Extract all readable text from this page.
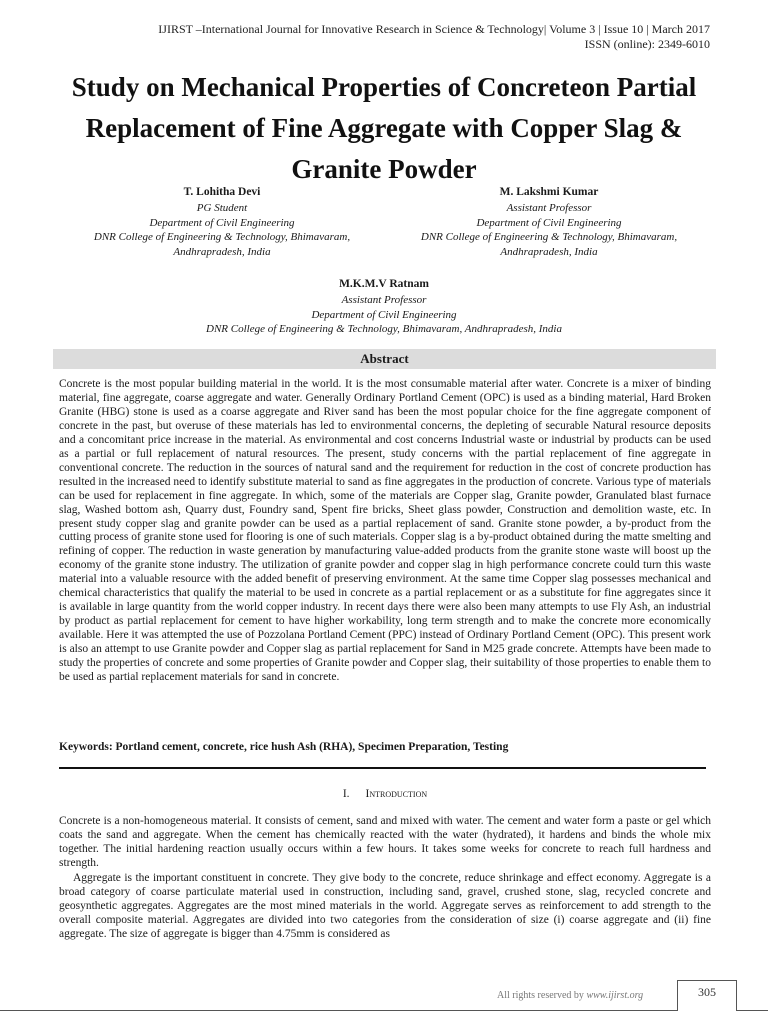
IJIRST –International Journal for Innovative Research in Science & Technology| Volume 3 | Issue 10 | March 2017
ISSN (online): 2349-6010
Study on Mechanical Properties of Concreteon Partial Replacement of Fine Aggregate with Copper Slag & Granite Powder
T. Lohitha Devi
PG Student
Department of Civil Engineering
DNR College of Engineering & Technology, Bhimavaram,
Andhrapradesh, India
M. Lakshmi Kumar
Assistant Professor
Department of Civil Engineering
DNR College of Engineering & Technology, Bhimavaram,
Andhrapradesh, India
M.K.M.V Ratnam
Assistant Professor
Department of Civil Engineering
DNR College of Engineering & Technology, Bhimavaram, Andhrapradesh, India
Abstract

Concrete is the most popular building material in the world. It is the most consumable material after water. Concrete is a mixer of binding material, fine aggregate, coarse aggregate and water. Generally Ordinary Portland Cement (OPC) is used as a binding material, Hard Broken Granite (HBG) stone is used as a coarse aggregate and River sand has been the most popular choice for the fine aggregate component of concrete in the past, but overuse of these materials has led to environmental concerns, the depleting of securable Natural resource deposits and a concomitant price increase in the material. As environmental and cost concerns Industrial waste or industrial by products can be used as a partial or full replacement of natural resources. The present, study concerns with the partial replacement of fine aggregate in conventional concrete. The reduction in the sources of natural sand and the requirement for reduction in the cost of concrete production has resulted in the increased need to identify substitute material to sand as fine aggregates in the production of concrete. Various type of materials can be used for replacement in fine aggregate. In which, some of the materials are Copper slag, Granite powder, Granulated blast furnace slag, Washed bottom ash, Quarry dust, Foundry sand, Spent fire bricks, Sheet glass powder, Construction and demolition waste, etc. In present study copper slag and granite powder can be used as a partial replacement of sand. Granite stone powder, a by-product from the cutting process of granite stone used for flooring is one of such materials. Copper slag is a by-product obtained during the matte smelting and refining of copper. The reduction in waste generation by manufacturing value-added products from the granite stone waste will boost up the economy of the granite stone industry. The utilization of granite powder and copper slag in high performance concrete could turn this waste material into a valuable resource with the added benefit of preserving environment. At the same time Copper slag possesses mechanical and chemical characteristics that qualify the material to be used in concrete as a partial replacement or as a substitute for fine aggregates since it is available in large quantity from the world copper industry. In recent days there were also been many attempts to use Fly Ash, an industrial by product as partial replacement for cement to have higher workability, long term strength and to make the concrete more economically available. Here it was attempted the use of Pozzolana Portland Cement (PPC) instead of Ordinary Portland Cement (OPC). This present work is also an attempt to use Granite powder and Copper slag as partial replacement for Sand in M25 grade concrete. Attempts have been made to study the properties of concrete and some properties of Granite powder and Copper slag, their suitability of those properties to enable them to be used as partial replacement materials for sand in concrete.

Keywords: Portland cement, concrete, rice hush Ash (RHA), Specimen Preparation, Testing

I. Introduction

Concrete is a non-homogeneous material. It consists of cement, sand and mixed with water. The cement and water form a paste or gel which coats the sand and aggregate. When the cement has chemically reacted with the water (hydrated), it hardens and binds the whole mix together. The initial hardening reaction usually occurs within a few hours. It takes some weeks for concrete to reach full hardness and strength.

Aggregate is the important constituent in concrete. They give body to the concrete, reduce shrinkage and effect economy. Aggregate is a broad category of coarse particulate material used in construction, including sand, gravel, crushed stone, slag, recycled concrete and geosynthetic aggregates. Aggregates are the most mined materials in the world. Aggregate serves as reinforcement to add strength to the overall composite material. Aggregates are divided into two categories from the consideration of size (i) coarse aggregate and (ii) fine aggregate. The size of aggregate is bigger than 4.75mm is considered as

All rights reserved by www.ijirst.org	305
